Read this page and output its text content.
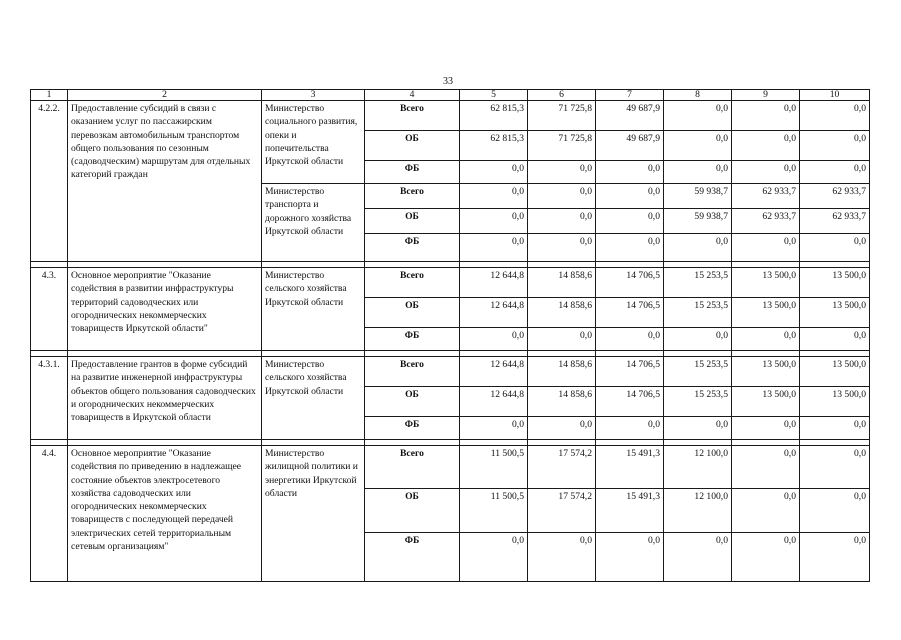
33
1	2	3	4	5	6	7	8	9	10
4.2.2.	Предоставление субсидий в связи с оказанием услуг по пассажирским перевозкам автомобильным транспортом общего пользования по сезонным (садоводческим) маршрутам для отдельных категорий граждан	Министерство социального развития, опеки и попечительства Иркутской области	Всего	62 815,3	71 725,8	49 687,9	0,0	0,0	0,0
			ОБ	62 815,3	71 725,8	49 687,9	0,0	0,0	0,0
			ФБ	0,0	0,0	0,0	0,0	0,0	0,0
		Министерство транспорта и дорожного хозяйства Иркутской области	Всего	0,0	0,0	0,0	59 938,7	62 933,7	62 933,7
			ОБ	0,0	0,0	0,0	59 938,7	62 933,7	62 933,7
			ФБ	0,0	0,0	0,0	0,0	0,0	0,0

4.3.	Основное мероприятие "Оказание содействия в развитии инфраструктуры территорий садоводческих или огороднических некоммерческих товариществ Иркутской области"	Министерство сельского хозяйства Иркутской области	Всего	12 644,8	14 858,6	14 706,5	15 253,5	13 500,0	13 500,0
			ОБ	12 644,8	14 858,6	14 706,5	15 253,5	13 500,0	13 500,0
			ФБ	0,0	0,0	0,0	0,0	0,0	0,0

4.3.1.	Предоставление грантов в форме субсидий на развитие инженерной инфраструктуры объектов общего пользования садоводческих и огороднических некоммерческих товариществ в Иркутской области	Министерство сельского хозяйства Иркутской области	Всего	12 644,8	14 858,6	14 706,5	15 253,5	13 500,0	13 500,0
			ОБ	12 644,8	14 858,6	14 706,5	15 253,5	13 500,0	13 500,0
			ФБ	0,0	0,0	0,0	0,0	0,0	0,0

4.4.	Основное мероприятие "Оказание содействия по приведению в надлежащее состояние объектов электросетевого хозяйства садоводческих или огороднических некоммерческих товариществ с последующей передачей электрических сетей территориальным сетевым организациям"	Министерство жилищной политики и энергетики Иркутской области	Всего	11 500,5	17 574,2	15 491,3	12 100,0	0,0	0,0
			ОБ	11 500,5	17 574,2	15 491,3	12 100,0	0,0	0,0
			ФБ	0,0	0,0	0,0	0,0	0,0	0,0
